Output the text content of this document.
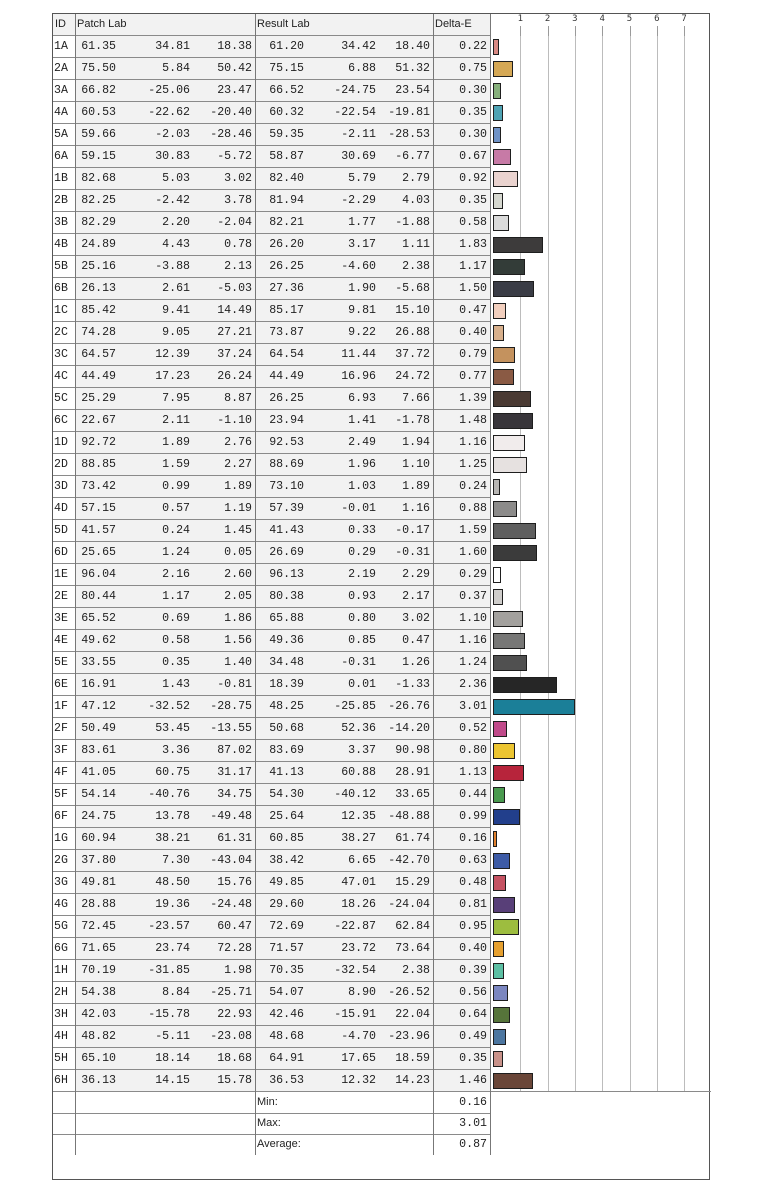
ID	Patch Lab	Result Lab	Delta-E	1	2	3	4	5	6	7
1A	61.35	34.81	18.38	61.20	34.42	18.40	0.22
2A	75.50	5.84	50.42	75.15	6.88	51.32	0.75
3A	66.82	-25.06	23.47	66.52	-24.75	23.54	0.30
4A	60.53	-22.62	-20.40	60.32	-22.54	-19.81	0.35
5A	59.66	-2.03	-28.46	59.35	-2.11	-28.53	0.30
6A	59.15	30.83	-5.72	58.87	30.69	-6.77	0.67
1B	82.68	5.03	3.02	82.40	5.79	2.79	0.92
2B	82.25	-2.42	3.78	81.94	-2.29	4.03	0.35
3B	82.29	2.20	-2.04	82.21	1.77	-1.88	0.58
4B	24.89	4.43	0.78	26.20	3.17	1.11	1.83
5B	25.16	-3.88	2.13	26.25	-4.60	2.38	1.17
6B	26.13	2.61	-5.03	27.36	1.90	-5.68	1.50
1C	85.42	9.41	14.49	85.17	9.81	15.10	0.47
2C	74.28	9.05	27.21	73.87	9.22	26.88	0.40
3C	64.57	12.39	37.24	64.54	11.44	37.72	0.79
4C	44.49	17.23	26.24	44.49	16.96	24.72	0.77
5C	25.29	7.95	8.87	26.25	6.93	7.66	1.39
6C	22.67	2.11	-1.10	23.94	1.41	-1.78	1.48
1D	92.72	1.89	2.76	92.53	2.49	1.94	1.16
2D	88.85	1.59	2.27	88.69	1.96	1.10	1.25
3D	73.42	0.99	1.89	73.10	1.03	1.89	0.24
4D	57.15	0.57	1.19	57.39	-0.01	1.16	0.88
5D	41.57	0.24	1.45	41.43	0.33	-0.17	1.59
6D	25.65	1.24	0.05	26.69	0.29	-0.31	1.60
1E	96.04	2.16	2.60	96.13	2.19	2.29	0.29
2E	80.44	1.17	2.05	80.38	0.93	2.17	0.37
3E	65.52	0.69	1.86	65.88	0.80	3.02	1.10
4E	49.62	0.58	1.56	49.36	0.85	0.47	1.16
5E	33.55	0.35	1.40	34.48	-0.31	1.26	1.24
6E	16.91	1.43	-0.81	18.39	0.01	-1.33	2.36
1F	47.12	-32.52	-28.75	48.25	-25.85	-26.76	3.01
2F	50.49	53.45	-13.55	50.68	52.36	-14.20	0.52
3F	83.61	3.36	87.02	83.69	3.37	90.98	0.80
4F	41.05	60.75	31.17	41.13	60.88	28.91	1.13
5F	54.14	-40.76	34.75	54.30	-40.12	33.65	0.44
6F	24.75	13.78	-49.48	25.64	12.35	-48.88	0.99
1G	60.94	38.21	61.31	60.85	38.27	61.74	0.16
2G	37.80	7.30	-43.04	38.42	6.65	-42.70	0.63
3G	49.81	48.50	15.76	49.85	47.01	15.29	0.48
4G	28.88	19.36	-24.48	29.60	18.26	-24.04	0.81
5G	72.45	-23.57	60.47	72.69	-22.87	62.84	0.95
6G	71.65	23.74	72.28	71.57	23.72	73.64	0.40
1H	70.19	-31.85	1.98	70.35	-32.54	2.38	0.39
2H	54.38	8.84	-25.71	54.07	8.90	-26.52	0.56
3H	42.03	-15.78	22.93	42.46	-15.91	22.04	0.64
4H	48.82	-5.11	-23.08	48.68	-4.70	-23.96	0.49
5H	65.10	18.14	18.68	64.91	17.65	18.59	0.35
6H	36.13	14.15	15.78	36.53	12.32	14.23	1.46
Min:	0.16
Max:	3.01
Average:	0.87
